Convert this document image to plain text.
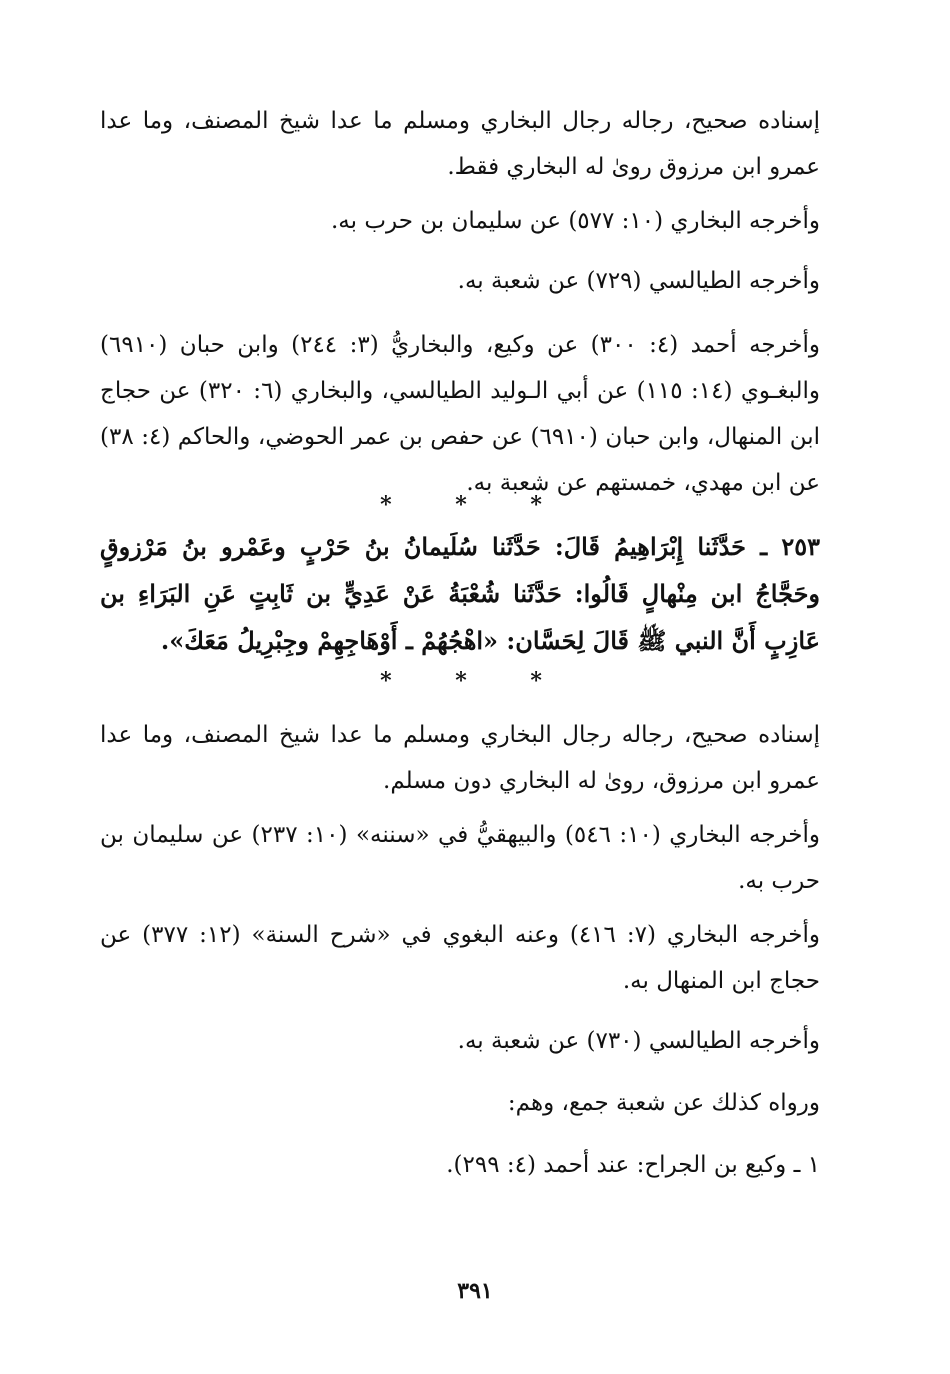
إسناده صحيح، رجاله رجال البخاري ومسلم ما عدا شيخ المصنف، وما عدا عمرو ابن مرزوق روىٰ له البخاري فقط.
وأخرجه البخاري (١٠: ٥٧٧) عن سليمان بن حرب به.
وأخرجه الطيالسي (٧٢٩) عن شعبة به.
وأخرجه أحمد (٤: ٣٠٠) عن وكيع، والبخاريُّ (٣: ٢٤٤) وابن حبان (٦٩١٠) والبغـوي (١٤: ١١٥) عن أبي الـوليد الطيالسي، والبخاري (٦: ٣٢٠) عن حجاج ابن المنهال، وابن حبان (٦٩١٠) عن حفص بن عمر الحوضي، والحاكم (٤: ٣٨) عن ابن مهدي، خمستهم عن شعبة به.
* * *
٢٥٣ ـ حَدَّثَنا إِبْرَاهِيمُ قَالَ: حَدَّثَنا سُلَيمانُ بنُ حَرْبٍ وعَمْرو بنُ مَرْزوقٍ وحَجَّاجُ ابن مِنْهالٍ قَالُوا: حَدَّثَنا شُعْبَةُ عَنْ عَدِيٍّ بن ثَابِتٍ عَنِ البَرَاءِ بن عَازِبٍ أَنَّ النبي ﷺ قَالَ لِحَسَّان: «اهْجُهُمْ ـ أَوْهَاجِهِمْ وجِبْرِيلُ مَعَكَ».
* * *
إسناده صحيح، رجاله رجال البخاري ومسلم ما عدا شيخ المصنف، وما عدا عمرو ابن مرزوق، روىٰ له البخاري دون مسلم.
وأخرجه البخاري (١٠: ٥٤٦) والبيهقيُّ في «سننه» (١٠: ٢٣٧) عن سليمان بن حرب به.
وأخرجه البخاري (٧: ٤١٦) وعنه البغوي في «شرح السنة» (١٢: ٣٧٧) عن حجاج ابن المنهال به.
وأخرجه الطيالسي (٧٣٠) عن شعبة به.
ورواه كذلك عن شعبة جمع، وهم:
١ ـ وكيع بن الجراح: عند أحمد (٤: ٢٩٩).
٣٩١
